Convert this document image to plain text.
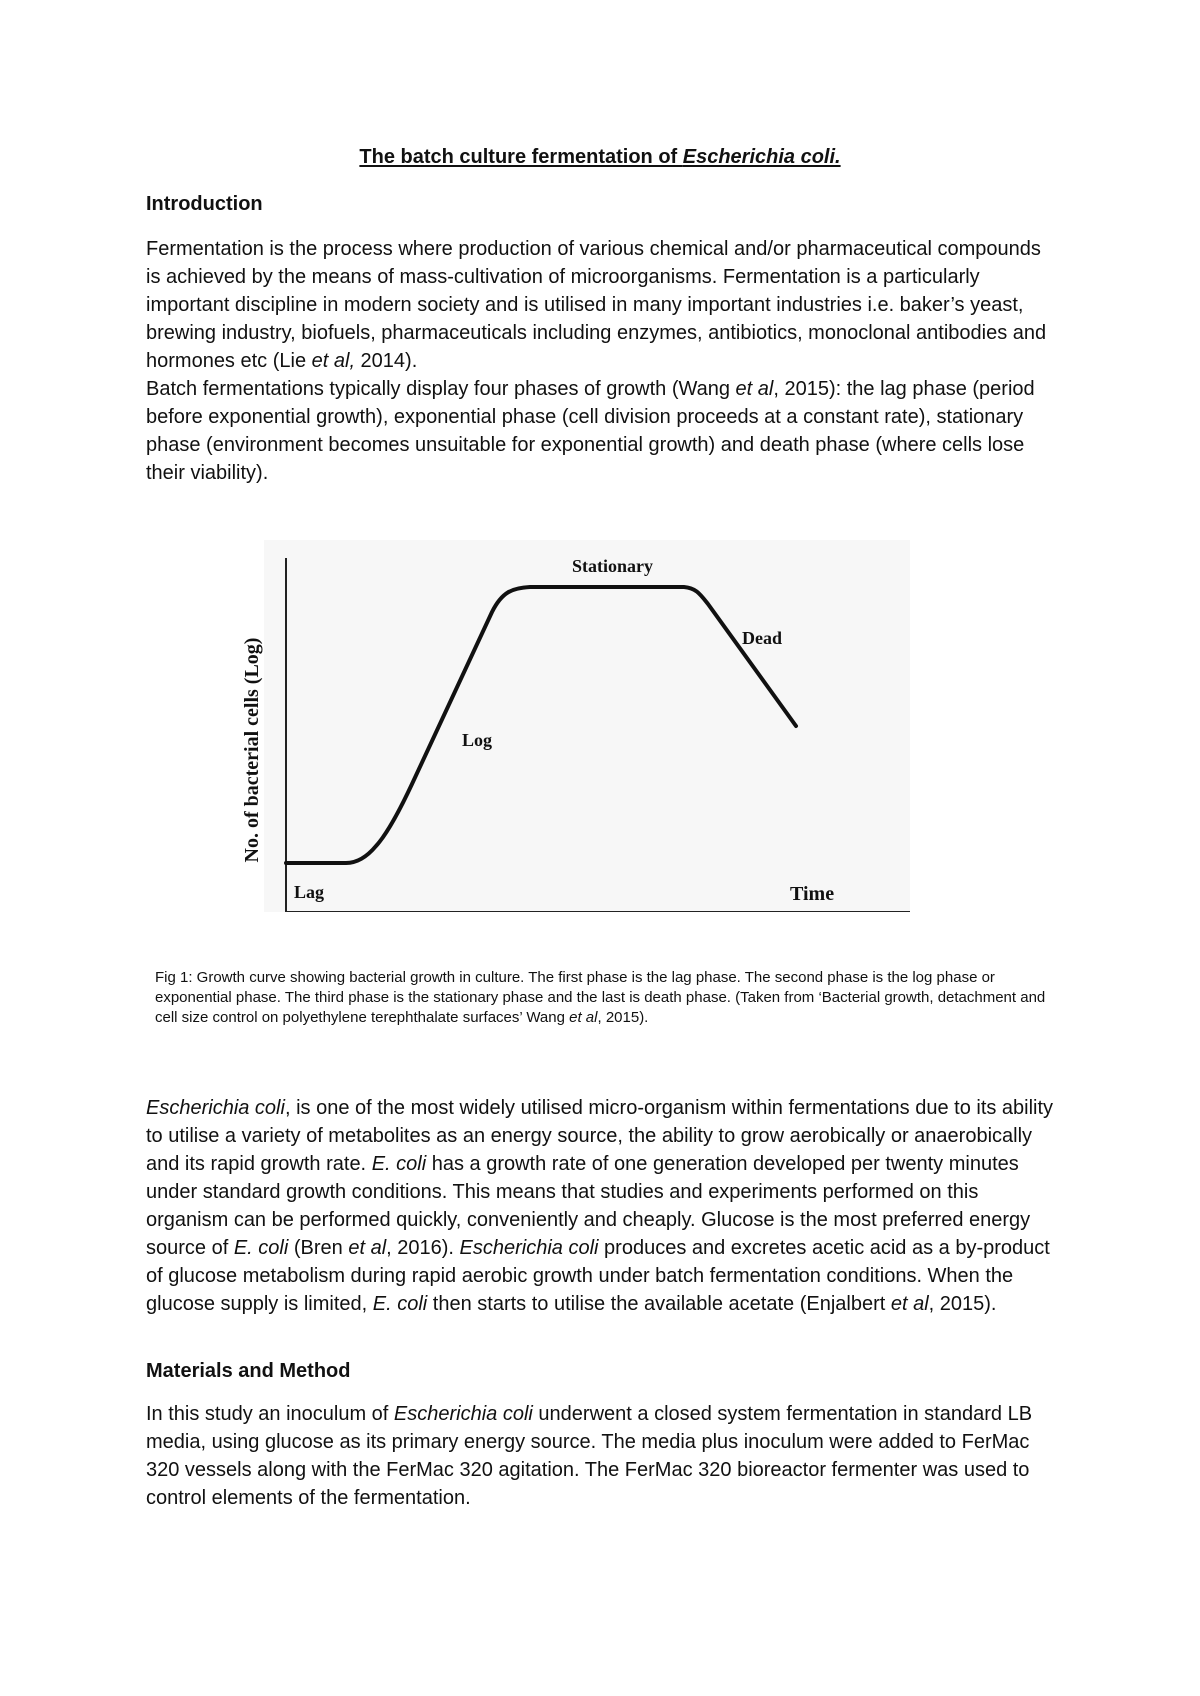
The batch culture fermentation of Escherichia coli.
Introduction

Fermentation is the process where production of various chemical and/or pharmaceutical compounds is achieved by the means of mass-cultivation of microorganisms. Fermentation is a particularly important discipline in modern society and is utilised in many important industries i.e. baker’s yeast, brewing industry, biofuels, pharmaceuticals including enzymes, antibiotics, monoclonal antibodies and hormones etc (Lie et al, 2014).

Batch fermentations typically display four phases of growth (Wang et al, 2015): the lag phase (period before exponential growth), exponential phase (cell division proceeds at a constant rate), stationary phase (environment becomes unsuitable for exponential growth) and death phase (where cells lose their viability).

No. of bacterial cells (Log)
Lag
Log
Stationary
Dead
Time

Fig 1: Growth curve showing bacterial growth in culture. The first phase is the lag phase. The second phase is the log phase or exponential phase. The third phase is the stationary phase and the last is death phase. (Taken from ‘Bacterial growth, detachment and cell size control on polyethylene terephthalate surfaces’ Wang et al, 2015).

Escherichia coli, is one of the most widely utilised micro-organism within fermentations due to its ability to utilise a variety of metabolites as an energy source, the ability to grow aerobically or anaerobically and its rapid growth rate. E. coli has a growth rate of one generation developed per twenty minutes under standard growth conditions. This means that studies and experiments performed on this organism can be performed quickly, conveniently and cheaply. Glucose is the most preferred energy source of E. coli (Bren et al, 2016). Escherichia coli produces and excretes acetic acid as a by-product of glucose metabolism during rapid aerobic growth under batch fermentation conditions. When the glucose supply is limited, E. coli then starts to utilise the available acetate (Enjalbert et al, 2015).

Materials and Method

In this study an inoculum of Escherichia coli underwent a closed system fermentation in standard LB media, using glucose as its primary energy source. The media plus inoculum were added to FerMac 320 vessels along with the FerMac 320 agitation. The FerMac 320 bioreactor fermenter was used to control elements of the fermentation.
